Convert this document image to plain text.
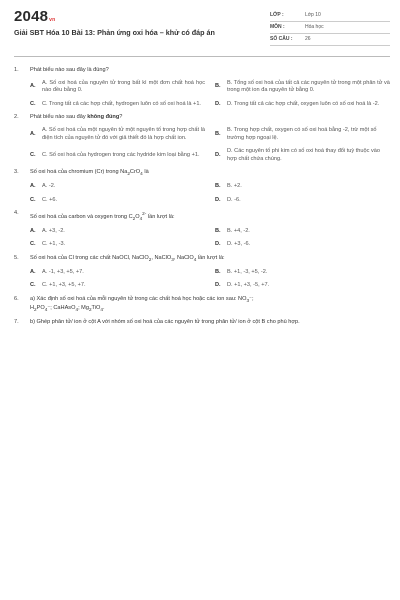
2048vn
Giải SBT Hóa 10 Bài 13: Phản ứng oxi hóa – khử có đáp án
LỚP :	Lớp 10
MÔN :	Hóa học
SỐ CÂU :	26
1.	Phát biểu nào sau đây là đúng?
A.
A. Số oxi hoá của nguyên tử trong bất kì một đơn chất hoá học nào đều bằng 0.
B.
B. Tổng số oxi hoá của tất cả các nguyên tử trong một phân tử và trong một ion đa nguyên tử bằng 0.
C.	C. Trong tất cả các hợp chất, hydrogen luôn có số oxi hoá là +1.	D.	D. Trong tất cả các hợp chất, oxygen luôn có số oxi hoá là -2.
2.	Phát biểu nào sau đây không đúng?
A.
A. Số oxi hoá của một nguyên tử một nguyên tố trong hợp chất là điện tích của nguyên tử đó với giả thiết đó là hợp chất ion.
B.
B. Trong hợp chất, oxygen có số oxi hoá bằng -2, trừ một số trường hợp ngoại lệ.
C.	C. Số oxi hoá của hydrogen trong các hydride kim loại bằng +1.	D.
D. Các nguyên tố phi kim có số oxi hoá thay đổi tuỳ thuộc vào hợp chất chứa chúng.
3.	Số oxi hoá của chromium (Cr) trong $Na_2CrO_4$ là
A.	A. -2.	B.	B. +2.
C.	C. +6.	D.	D. -6.
4.
Số oxi hoá của carbon và oxygen trong $C_2O_4^{2-}$ lần lượt là:
A.	A. +3, -2.	B.	B. +4, -2.
C.	C. +1, -3.	D.	D. +3, -6.
5.	Số oxi hoá của Cl trong các chất NaOCl, NaClO$_2$, NaClO$_3$, NaClO$_4$ lần lượt là:
A.	A. -1, +3, +5, +7.	B.	B. +1, -3, +5, -2.
C.	C. +1, +3, +5, +7.	D.	D. +1, +3, -5, +7.
6.	a) Xác định số oxi hoá của mỗi nguyên tử trong các chất hoá học hoặc các ion sau: $NO_3^-$;
$H_2PO_4^-$; CaHAsO$_4$; $Mg_2TiO_4$.
7.	b) Ghép phân tử/ ion ở cột A với nhóm số oxi hoá của các nguyên tử trong phân tử/ ion ở cột B cho phù hợp.
